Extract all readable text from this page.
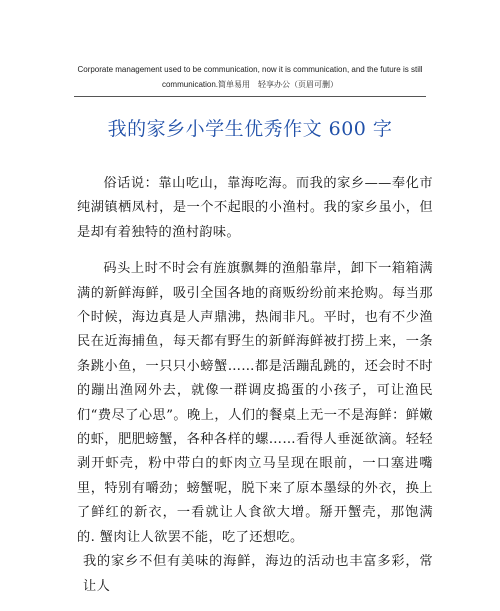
Corporate management used to be communication, now it is communication, and the future is still

communication.简单易用　轻享办公（页眉可删）
我的家乡小学生优秀作文 600 字

俗话说：靠山吃山，靠海吃海。而我的家乡——奉化市纯湖镇栖凤村，是一个不起眼的小渔村。我的家乡虽小，但是却有着独特的渔村韵味。

码头上时不时会有旌旗飘舞的渔船靠岸，卸下一箱箱满满的新鲜海鲜，吸引全国各地的商贩纷纷前来抢购。每当那个时候，海边真是人声鼎沸，热闹非凡。平时，也有不少渔民在近海捕鱼，每天都有野生的新鲜海鲜被打捞上来，一条条跳小鱼，一只只小螃蟹……都是活蹦乱跳的，还会时不时的蹦出渔网外去，就像一群调皮捣蛋的小孩子，可让渔民们“费尽了心思”。晚上，人们的餐桌上无一不是海鲜：鲜嫩的虾，肥肥螃蟹，各种各样的螺……看得人垂涎欲滴。轻轻剥开虾壳，粉中带白的虾肉立马呈现在眼前，一口塞进嘴里，特别有嚼劲；螃蟹呢，脱下来了原本墨绿的外衣，换上了鲜红的新衣，一看就让人食欲大增。掰开蟹壳，那饱满的. 蟹肉让人欲罢不能，吃了还想吃。

我的家乡不但有美味的海鲜，海边的活动也丰富多彩，常让人
